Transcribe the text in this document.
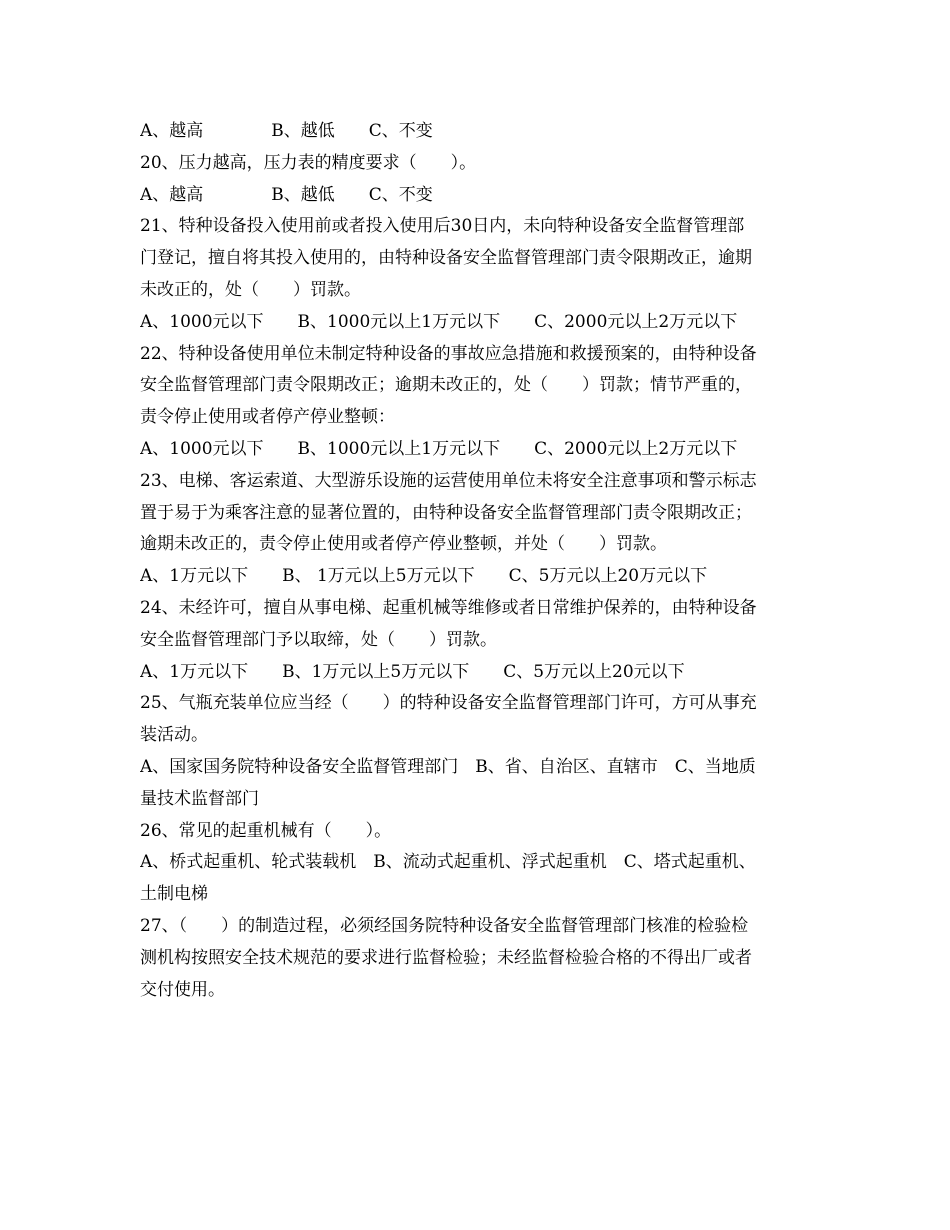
A、越高　　　　B、越低　　C、不变
20、压力越高，压力表的精度要求（　　）。
A、越高　　　　B、越低　　C、不变
21、特种设备投入使用前或者投入使用后30日内，未向特种设备安全监督管理部
门登记，擅自将其投入使用的，由特种设备安全监督管理部门责令限期改正，逾期
未改正的，处（　　）罚款。
A、1000元以下　　B、1000元以上1万元以下　　C、2000元以上2万元以下
22、特种设备使用单位未制定特种设备的事故应急措施和救援预案的，由特种设备
安全监督管理部门责令限期改正；逾期未改正的，处（　　）罚款；情节严重的，
责令停止使用或者停产停业整顿：
A、1000元以下　　B、1000元以上1万元以下　　C、2000元以上2万元以下
23、电梯、客运索道、大型游乐设施的运营使用单位未将安全注意事项和警示标志
置于易于为乘客注意的显著位置的，由特种设备安全监督管理部门责令限期改正；
逾期未改正的，责令停止使用或者停产停业整顿，并处（　　）罚款。
A、1万元以下　　B、 1万元以上5万元以下　　C、5万元以上20万元以下
24、未经许可，擅自从事电梯、起重机械等维修或者日常维护保养的，由特种设备
安全监督管理部门予以取缔，处（　　）罚款。
A、1万元以下　　B、1万元以上5万元以下　　C、5万元以上20元以下
25、气瓶充装单位应当经（　　）的特种设备安全监督管理部门许可，方可从事充
装活动。
A、国家国务院特种设备安全监督管理部门　B、省、自治区、直辖市　C、当地质
量技术监督部门
26、常见的起重机械有（　　）。
A、桥式起重机、轮式装载机　B、流动式起重机、浮式起重机　C、塔式起重机、
土制电梯
27、（　　）的制造过程，必须经国务院特种设备安全监督管理部门核准的检验检
测机构按照安全技术规范的要求进行监督检验；未经监督检验合格的不得出厂或者
交付使用。
